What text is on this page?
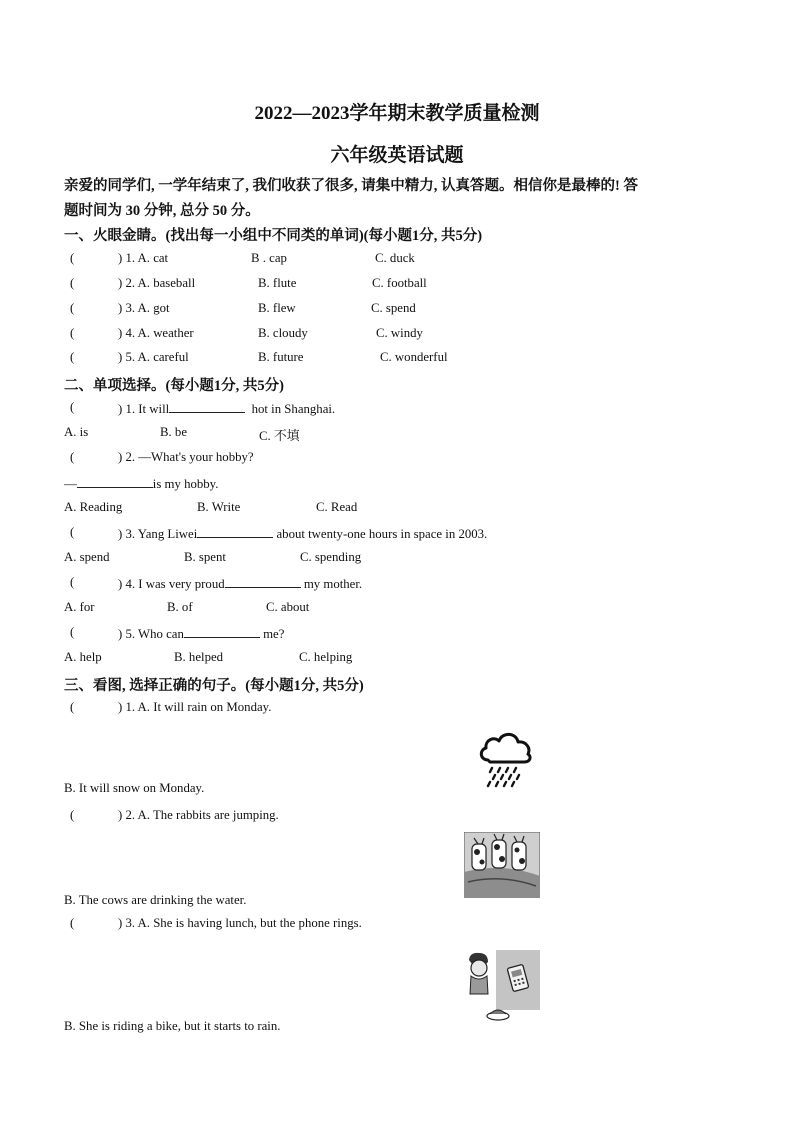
2022—2023学年期末教学质量检测
六年级英语试题
亲爱的同学们, 一学年结束了, 我们收获了很多, 请集中精力, 认真答题。相信你是最棒的! 答
题时间为 30 分钟, 总分 50 分。
一、火眼金睛。(找出每一小组中不同类的单词)(每小题1分, 共5分)
(	) 1. A. cat	B . cap	C. duck
(	) 2. A. baseball	B. flute	C. football
(	) 3. A. got	B. flew	C. spend
(	) 4. A. weather	B. cloudy	C. windy
(	) 5. A. careful	B. future	C. wonderful
二、单项选择。(每小题1分, 共5分)
(	) 1. It will	hot in Shanghai.
A. is	B. be	C. 不填
(	) 2. —What's your hobby?
—	is my hobby.
A. Reading	B. Write	C. Read
(	) 3. Yang Liwei	about twenty-one hours in space in 2003.
A. spend	B. spent	C. spending
(	) 4. I was very proud	my mother.
A. for	B. of	C. about
(	) 5. Who can	me?
A. help	B. helped	C. helping
三、看图, 选择正确的句子。(每小题1分, 共5分)
(	) 1. A. It will rain on Monday.
B. It will snow on Monday.
(	) 2. A. The rabbits are jumping.
B. The cows are drinking the water.
(	) 3. A. She is having lunch, but the phone rings.
B. She is riding a bike, but it starts to rain.
